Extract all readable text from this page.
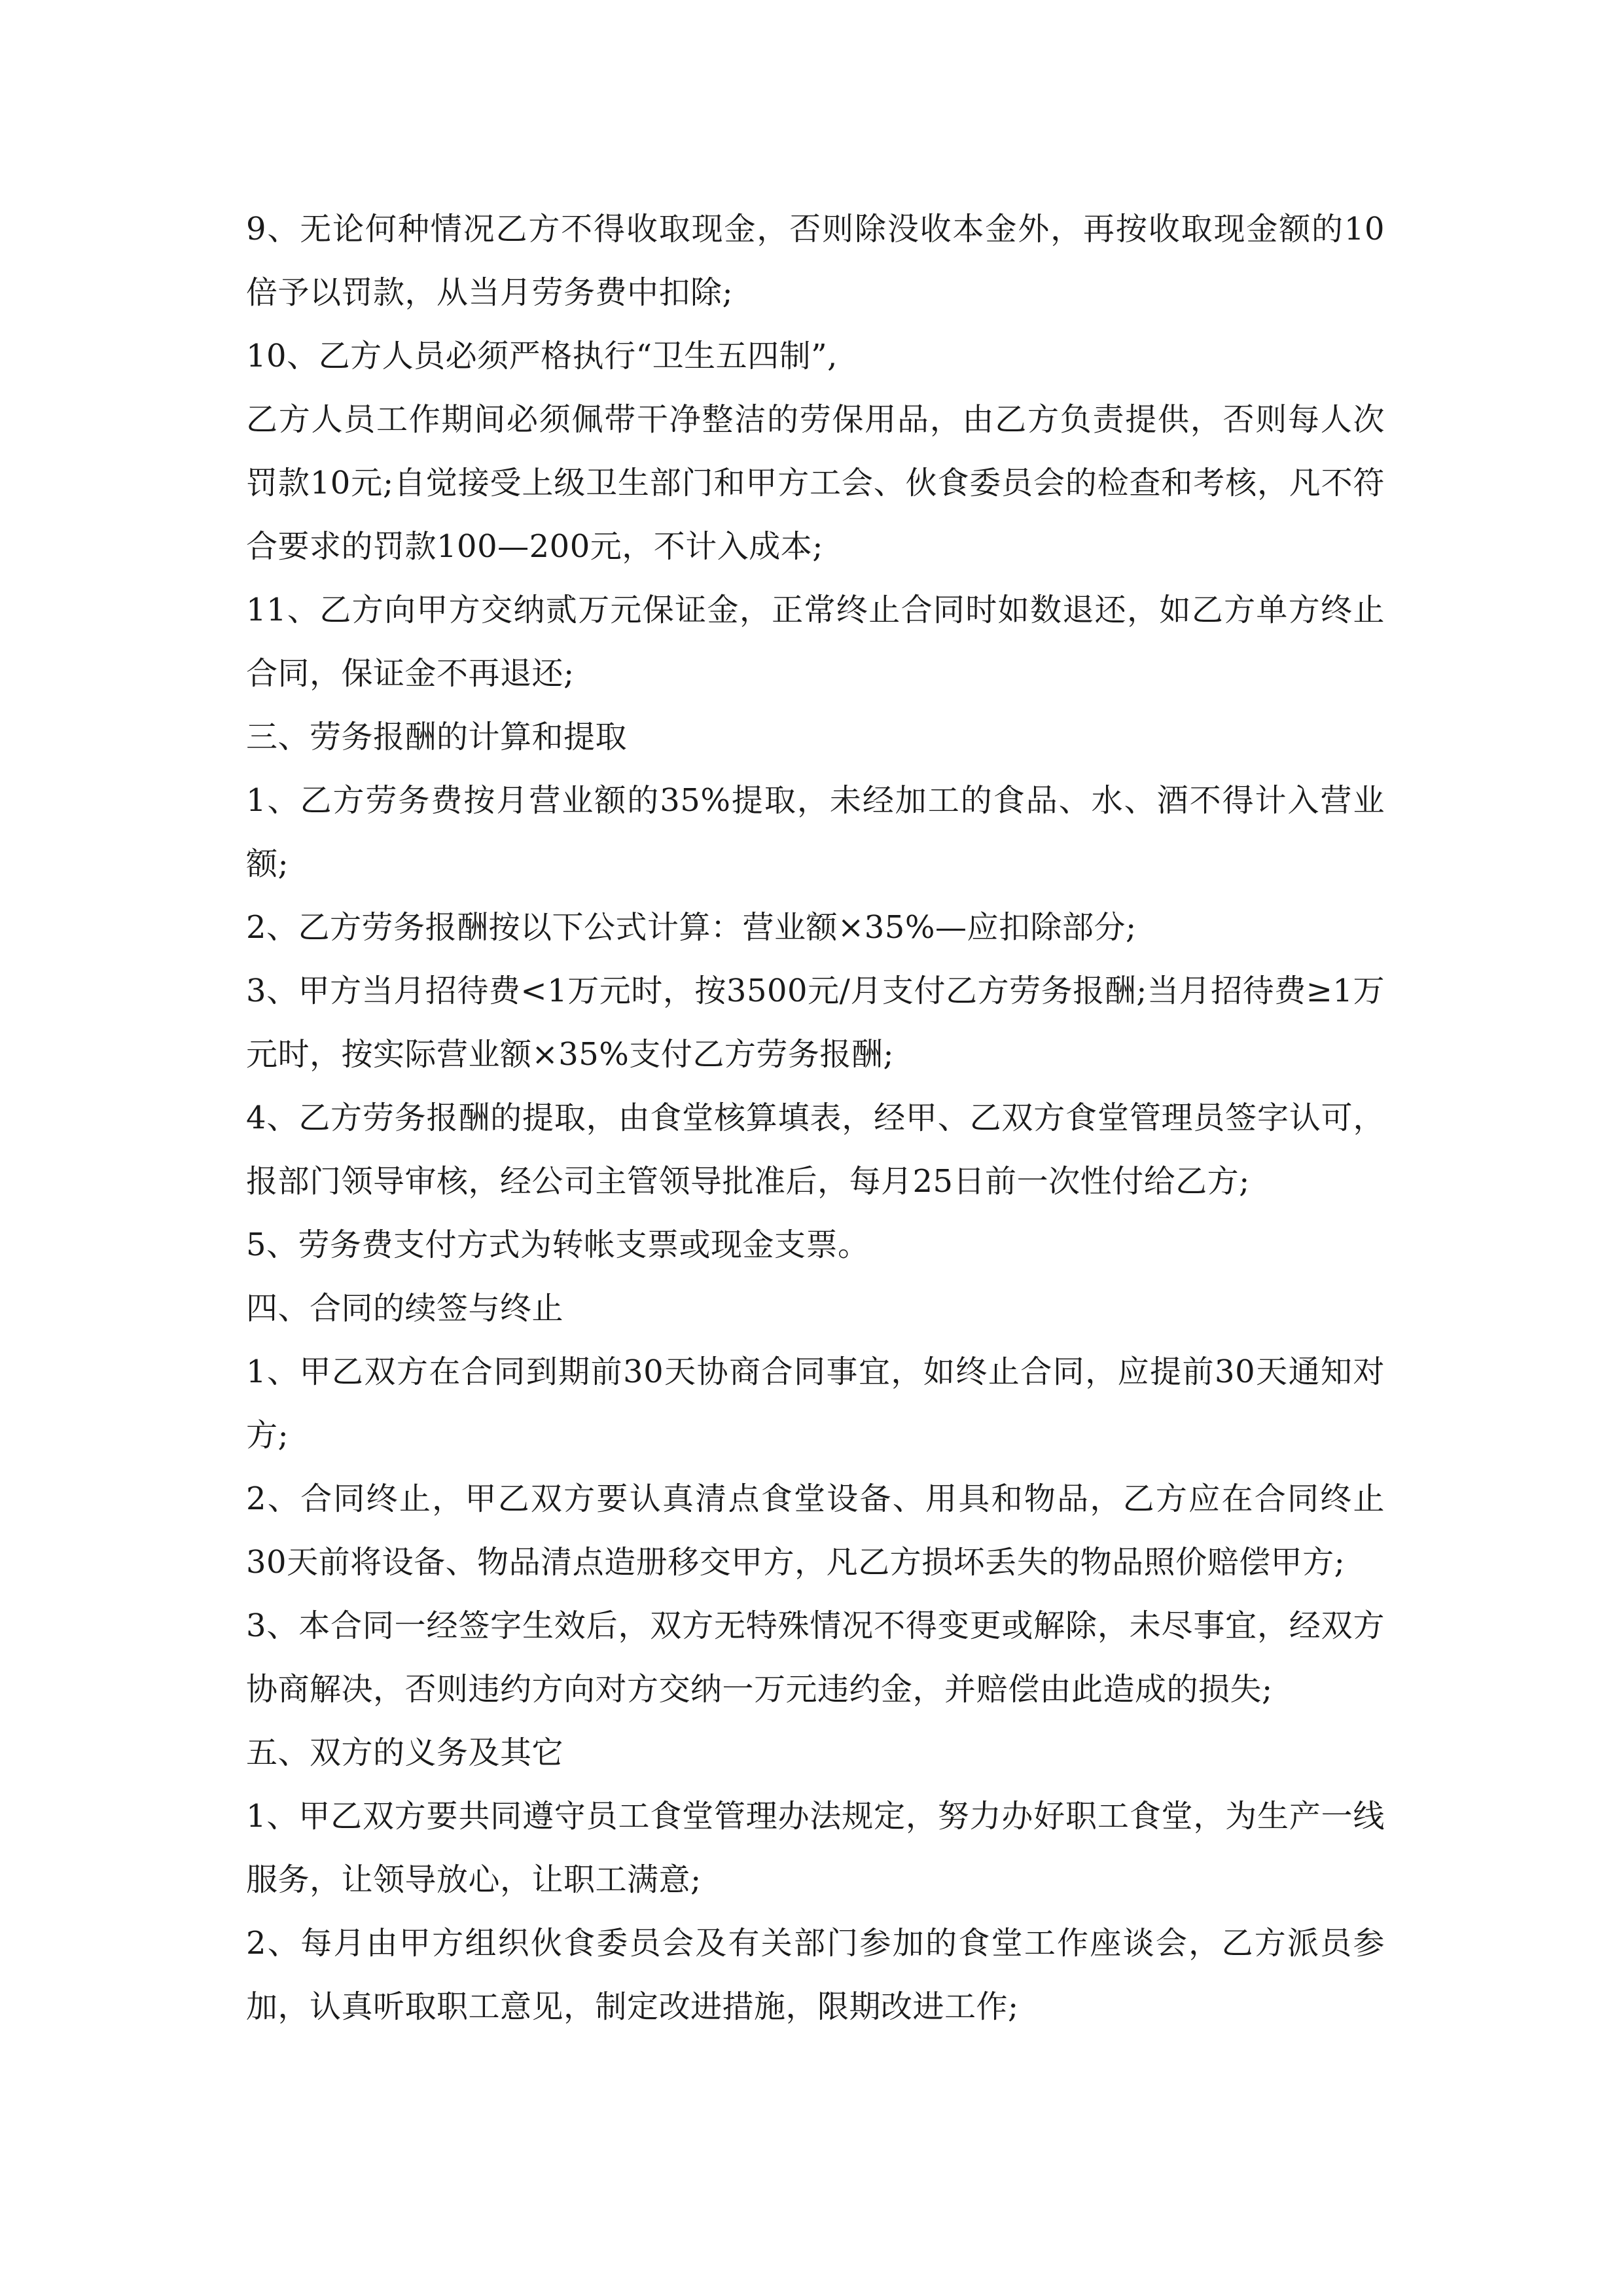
9、无论何种情况乙方不得收取现金，否则除没收本金外，再按收取现金额的10倍予以罚款，从当月劳务费中扣除;

10、乙方人员必须严格执行“卫生五四制”,

乙方人员工作期间必须佩带干净整洁的劳保用品，由乙方负责提供，否则每人次罚款10元;自觉接受上级卫生部门和甲方工会、伙食委员会的检查和考核，凡不符合要求的罚款100—200元，不计入成本;

11、乙方向甲方交纳贰万元保证金，正常终止合同时如数退还，如乙方单方终止合同，保证金不再退还;

三、劳务报酬的计算和提取

1、乙方劳务费按月营业额的35%提取，未经加工的食品、水、酒不得计入营业额;

2、乙方劳务报酬按以下公式计算：营业额×35%—应扣除部分;

3、甲方当月招待费<1万元时，按3500元/月支付乙方劳务报酬;当月招待费≥1万元时，按实际营业额×35%支付乙方劳务报酬;

4、乙方劳务报酬的提取，由食堂核算填表，经甲、乙双方食堂管理员签字认可，报部门领导审核，经公司主管领导批准后，每月25日前一次性付给乙方;

5、劳务费支付方式为转帐支票或现金支票。

四、合同的续签与终止

1、甲乙双方在合同到期前30天协商合同事宜，如终止合同，应提前30天通知对方;

2、合同终止，甲乙双方要认真清点食堂设备、用具和物品，乙方应在合同终止30天前将设备、物品清点造册移交甲方，凡乙方损坏丢失的物品照价赔偿甲方;

3、本合同一经签字生效后，双方无特殊情况不得变更或解除，未尽事宜，经双方协商解决，否则违约方向对方交纳一万元违约金，并赔偿由此造成的损失;

五、双方的义务及其它

1、甲乙双方要共同遵守员工食堂管理办法规定，努力办好职工食堂，为生产一线服务，让领导放心，让职工满意;

2、每月由甲方组织伙食委员会及有关部门参加的食堂工作座谈会，乙方派员参加，认真听取职工意见，制定改进措施，限期改进工作;
